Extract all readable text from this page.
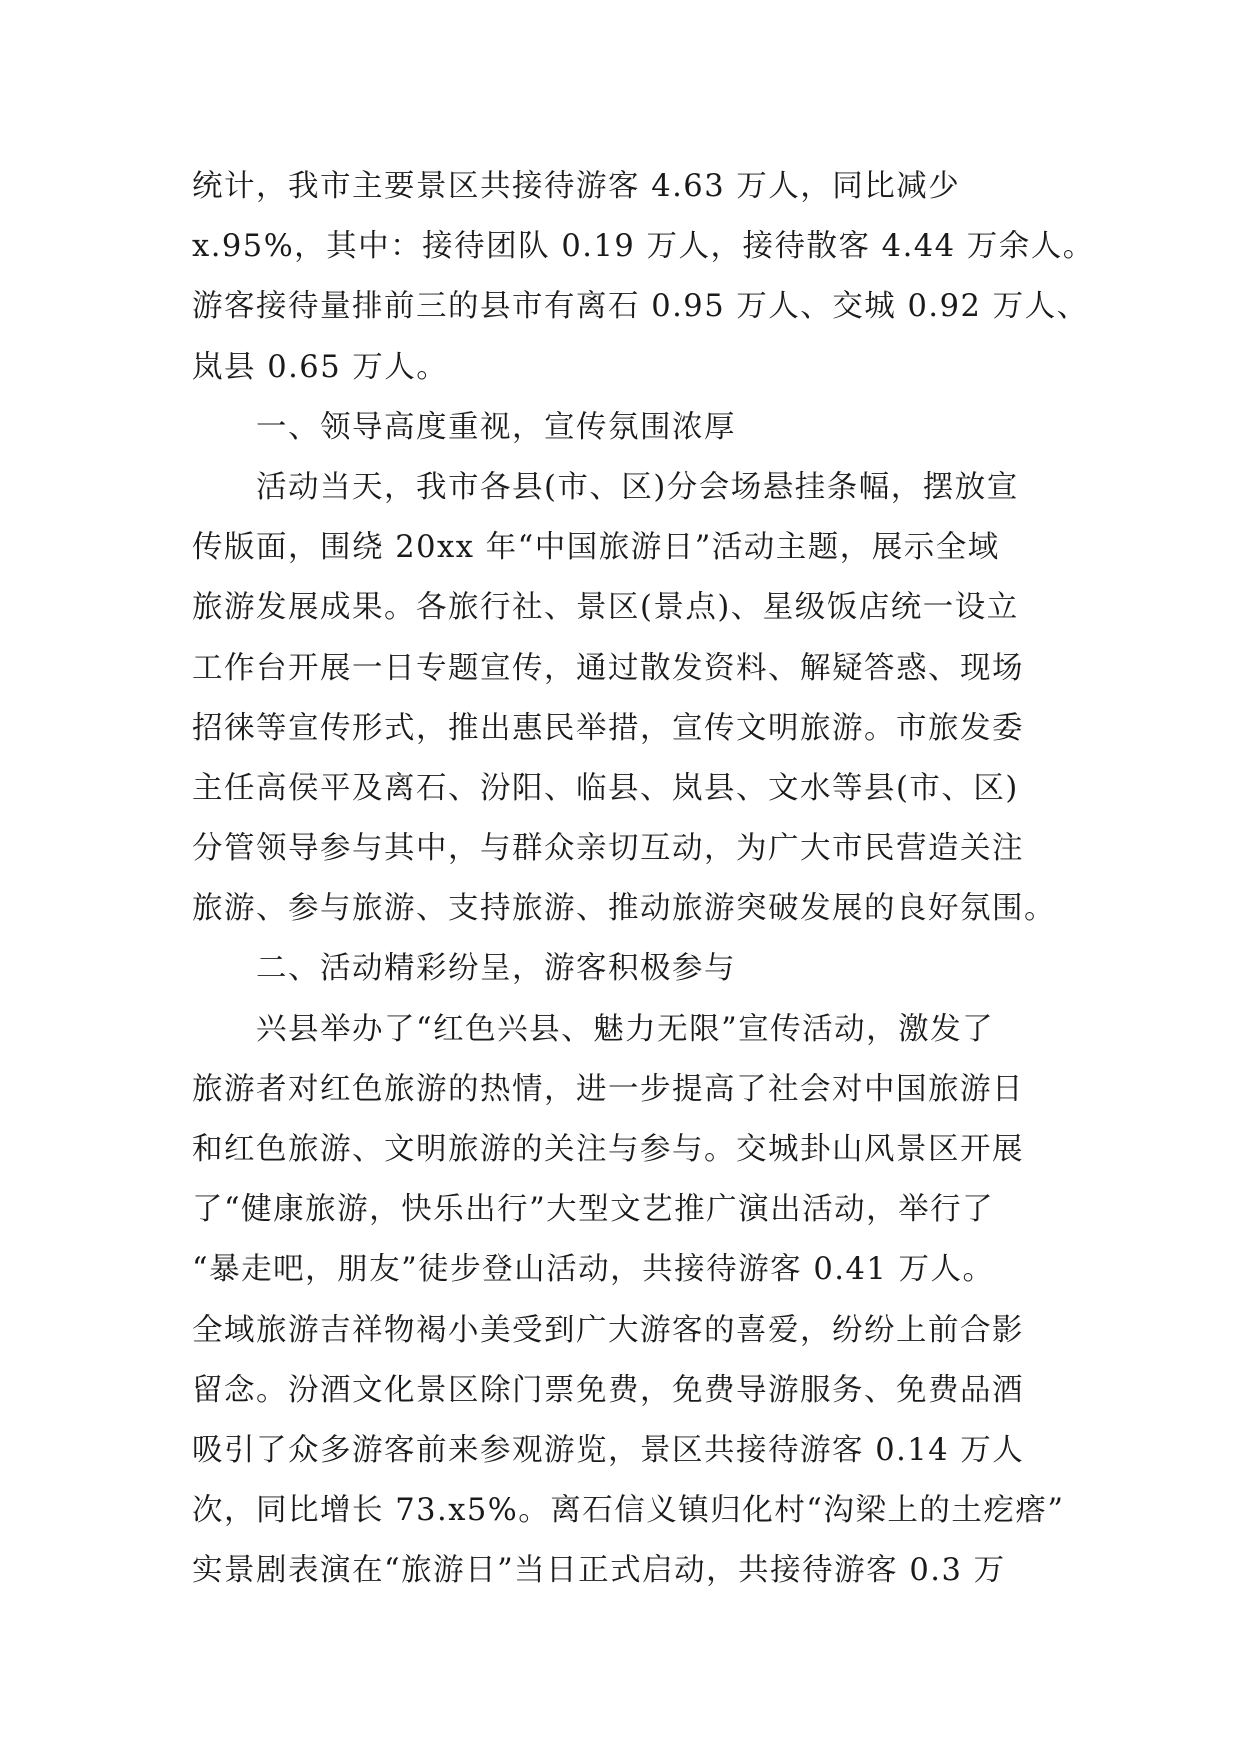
统计，我市主要景区共接待游客 4.63 万人，同比减少
x.95%，其中：接待团队 0.19 万人，接待散客 4.44 万余人。
游客接待量排前三的县市有离石 0.95 万人、交城 0.92 万人、
岚县 0.65 万人。
一、领导高度重视，宣传氛围浓厚
活动当天，我市各县(市、区)分会场悬挂条幅，摆放宣
传版面，围绕 20xx 年“中国旅游日”活动主题，展示全域
旅游发展成果。各旅行社、景区(景点)、星级饭店统一设立
工作台开展一日专题宣传，通过散发资料、解疑答惑、现场
招徕等宣传形式，推出惠民举措，宣传文明旅游。市旅发委
主任高侯平及离石、汾阳、临县、岚县、文水等县(市、区)
分管领导参与其中，与群众亲切互动，为广大市民营造关注
旅游、参与旅游、支持旅游、推动旅游突破发展的良好氛围。
二、活动精彩纷呈，游客积极参与
兴县举办了“红色兴县、魅力无限”宣传活动，激发了
旅游者对红色旅游的热情，进一步提高了社会对中国旅游日
和红色旅游、文明旅游的关注与参与。交城卦山风景区开展
了“健康旅游，快乐出行”大型文艺推广演出活动，举行了
“暴走吧，朋友”徒步登山活动，共接待游客 0.41 万人。
全域旅游吉祥物褐小美受到广大游客的喜爱，纷纷上前合影
留念。汾酒文化景区除门票免费，免费导游服务、免费品酒
吸引了众多游客前来参观游览，景区共接待游客 0.14 万人
次，同比增长 73.x5%。离石信义镇归化村“沟梁上的土疙瘩”
实景剧表演在“旅游日”当日正式启动，共接待游客 0.3 万
